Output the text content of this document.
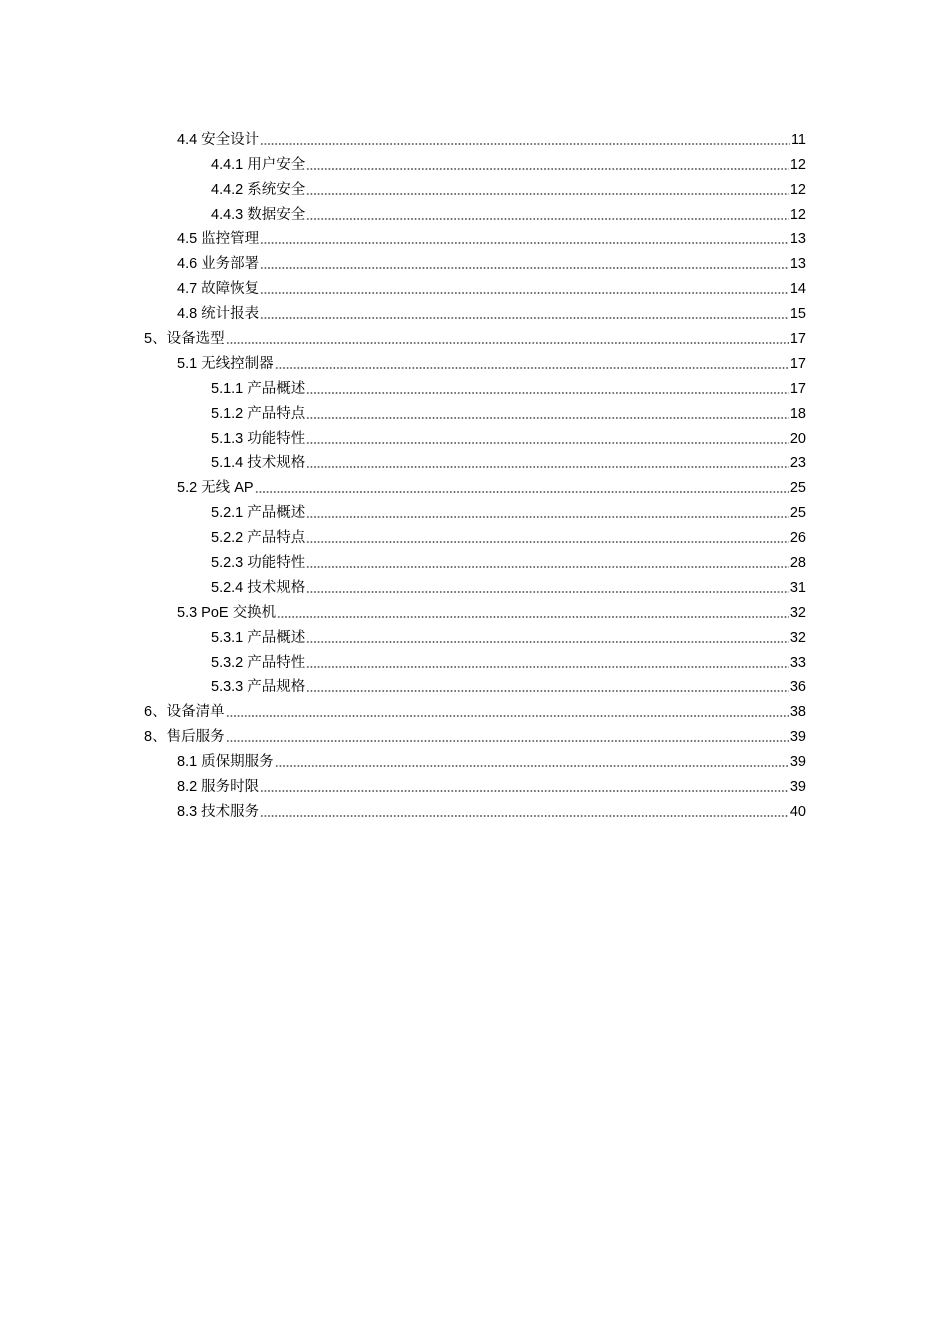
4.4 安全设计	11
4.4.1 用户安全	12
4.4.2 系统安全	12
4.4.3 数据安全	12
4.5 监控管理	13
4.6 业务部署	13
4.7 故障恢复	14
4.8 统计报表	15
5、 设备选型	17
5.1 无线控制器	17
5.1.1 产品概述	17
5.1.2 产品特点	18
5.1.3 功能特性	20
5.1.4 技术规格	23
5.2 无线 AP	25
5.2.1 产品概述	25
5.2.2 产品特点	26
5.2.3 功能特性	28
5.2.4 技术规格	31
5.3 PoE 交换机	32
5.3.1 产品概述	32
5.3.2 产品特性	33
5.3.3 产品规格	36
6、 设备清单	38
8、 售后服务	39
8.1 质保期服务	39
8.2 服务时限	39
8.3 技术服务	40
